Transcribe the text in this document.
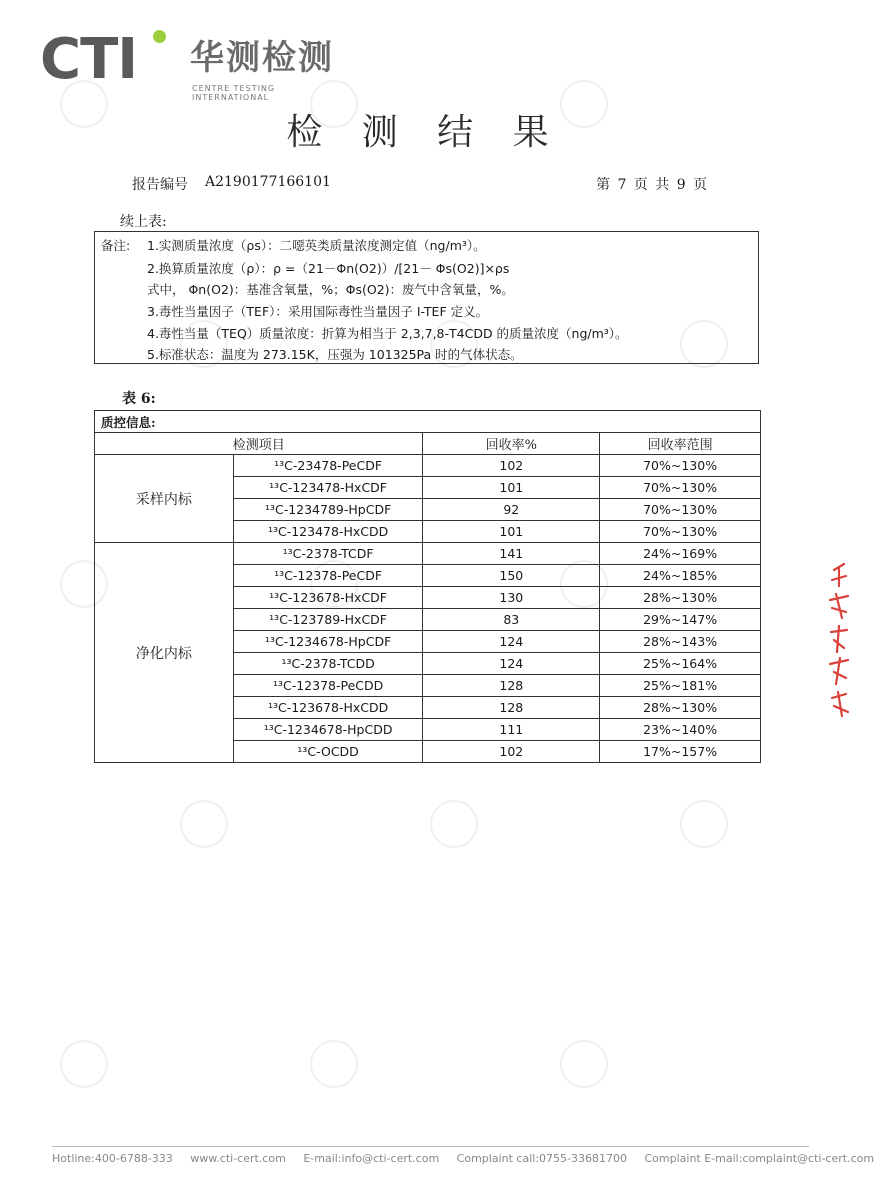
CTI 华测检测
CENTRE TESTING INTERNATIONAL
检 测 结 果
报告编号 A2190177166101	第 7 页 共 9 页
续上表:
备注: 1.实测质量浓度（ρs）：二噁英类质量浓度测定值（ng/m³）。
2.换算质量浓度（ρ）：ρ =（21－Φn(O2)）/[21－ Φs(O2)]×ρs
式中， Φn(O2)：基准含氧量，%；Φs(O2)：废气中含氧量，%。
3.毒性当量因子（TEF）：采用国际毒性当量因子 I-TEF 定义。
4.毒性当量（TEQ）质量浓度：折算为相当于 2,3,7,8-T4CDD 的质量浓度（ng/m³）。
5.标准状态：温度为 273.15K，压强为 101325Pa 时的气体状态。
表 6:
质控信息:			
检测项目		回收率%	回收率范围
采样内标	¹³C-23478-PeCDF	102	70%~130%
	¹³C-123478-HxCDF	101	70%~130%
	¹³C-1234789-HpCDF	92	70%~130%
	¹³C-123478-HxCDD	101	70%~130%
净化内标	¹³C-2378-TCDF	141	24%~169%
	¹³C-12378-PeCDF	150	24%~185%
	¹³C-123678-HxCDF	130	28%~130%
	¹³C-123789-HxCDF	83	29%~147%
	¹³C-1234678-HpCDF	124	28%~143%
	¹³C-2378-TCDD	124	25%~164%
	¹³C-12378-PeCDD	128	25%~181%
	¹³C-123678-HxCDD	128	28%~130%
	¹³C-1234678-HpCDD	111	23%~140%
	¹³C-OCDD	102	17%~157%
Hotline:400-6788-333 www.cti-cert.com E-mail:info@cti-cert.com Complaint call:0755-33681700 Complaint E-mail:complaint@cti-cert.com
